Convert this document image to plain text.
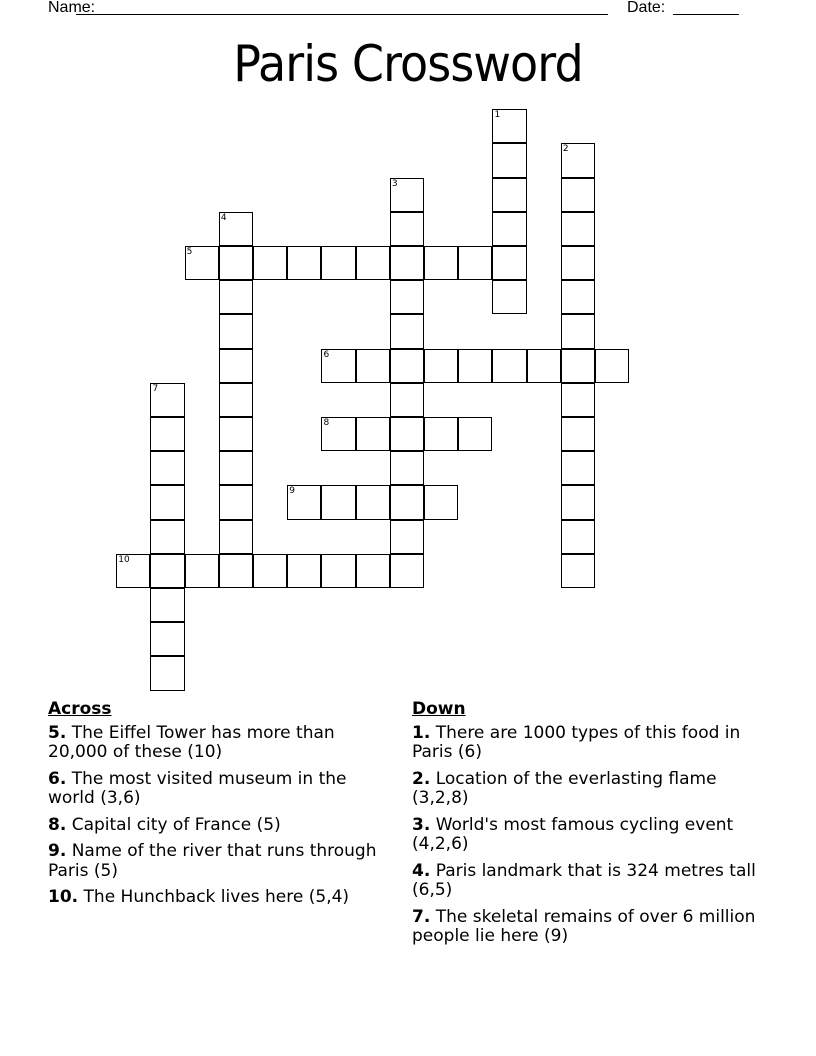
Name:	Date:
Paris Crossword
1
2
3
4
5
6
7
8
9
10
Across
5. The Eiffel Tower has more than 20,000 of these (10)
6. The most visited museum in the world (3,6)
8. Capital city of France (5)
9. Name of the river that runs through Paris (5)
10. The Hunchback lives here (5,4)
Down
1. There are 1000 types of this food in Paris (6)
2. Location of the everlasting flame (3,2,8)
3. World's most famous cycling event (4,2,6)
4. Paris landmark that is 324 metres tall (6,5)
7. The skeletal remains of over 6 million people lie here (9)
